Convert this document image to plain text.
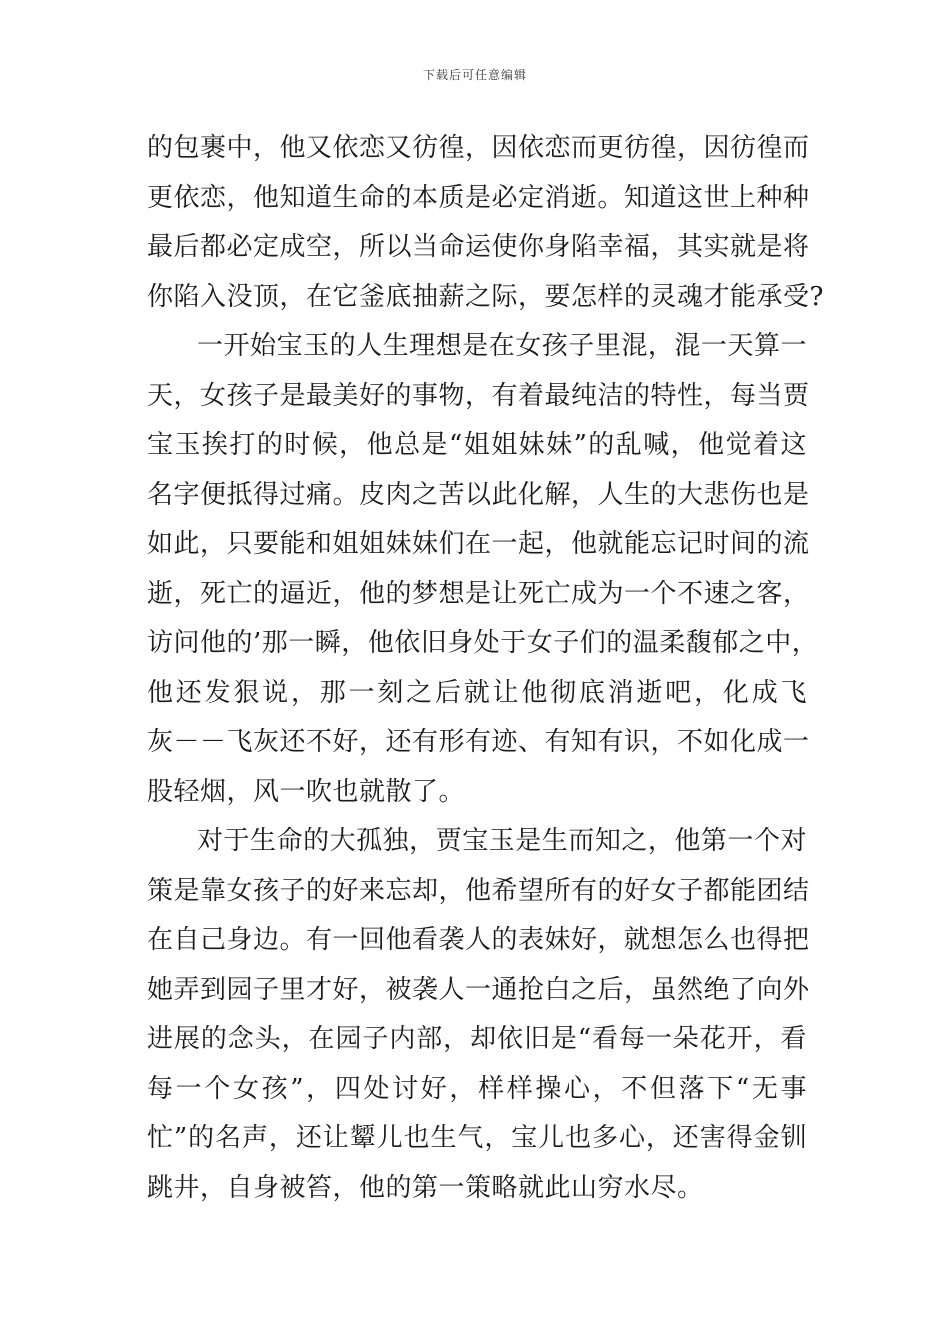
下载后可任意编辑
的包裹中，他又依恋又彷徨，因依恋而更彷徨，因彷徨而
更依恋，他知道生命的本质是必定消逝。知道这世上种种
最后都必定成空，所以当命运使你身陷幸福，其实就是将
你陷入没顶，在它釜底抽薪之际，要怎样的灵魂才能承受?
一开始宝玉的人生理想是在女孩子里混，混一天算一
天，女孩子是最美好的事物，有着最纯洁的特性，每当贾
宝玉挨打的时候，他总是“姐姐妹妹”的乱喊，他觉着这
名字便抵得过痛。皮肉之苦以此化解，人生的大悲伤也是
如此，只要能和姐姐妹妹们在一起，他就能忘记时间的流
逝，死亡的逼近，他的梦想是让死亡成为一个不速之客，
访问他的’那一瞬，他依旧身处于女子们的温柔馥郁之中，
他还发狠说，那一刻之后就让他彻底消逝吧，化成飞
灰－－飞灰还不好，还有形有迹、有知有识，不如化成一
股轻烟，风一吹也就散了。
对于生命的大孤独，贾宝玉是生而知之，他第一个对
策是靠女孩子的好来忘却，他希望所有的好女子都能团结
在自己身边。有一回他看袭人的表妹好，就想怎么也得把
她弄到园子里才好，被袭人一通抢白之后，虽然绝了向外
进展的念头，在园子内部，却依旧是“看每一朵花开，看
每一个女孩”，四处讨好，样样操心，不但落下“无事
忙”的名声，还让颦儿也生气，宝儿也多心，还害得金钏
跳井，自身被笞，他的第一策略就此山穷水尽。
